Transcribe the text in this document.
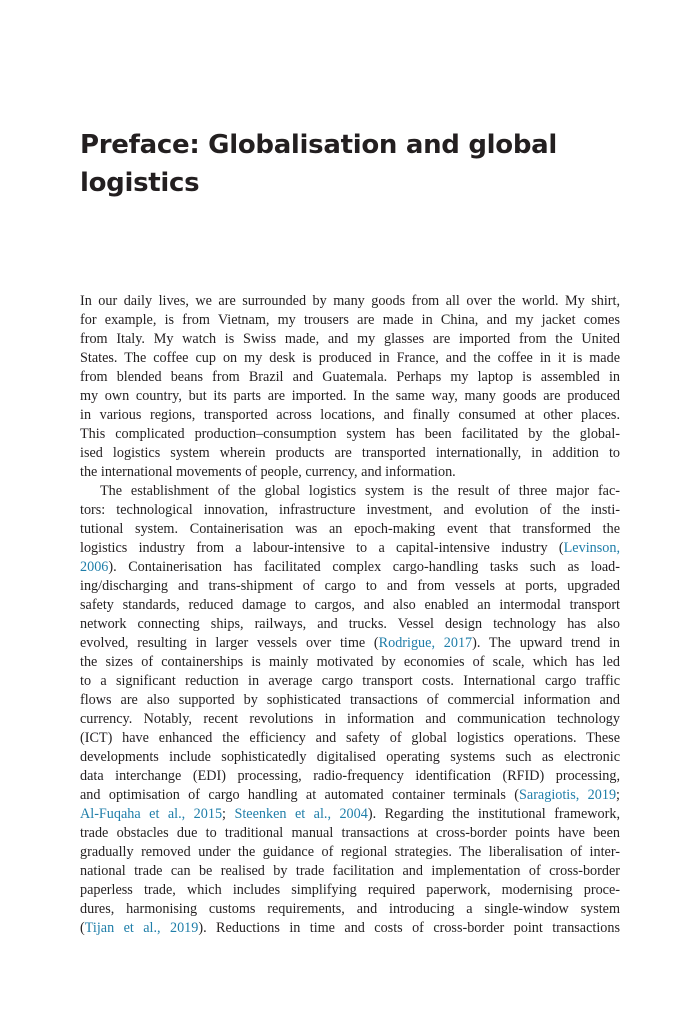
Preface: Globalisation and global
logistics

In our daily lives, we are surrounded by many goods from all over the world. My shirt,
for example, is from Vietnam, my trousers are made in China, and my jacket comes
from Italy. My watch is Swiss made, and my glasses are imported from the United
States. The coffee cup on my desk is produced in France, and the coffee in it is made
from blended beans from Brazil and Guatemala. Perhaps my laptop is assembled in
my own country, but its parts are imported. In the same way, many goods are produced
in various regions, transported across locations, and finally consumed at other places.
This complicated production–consumption system has been facilitated by the global-
ised logistics system wherein products are transported internationally, in addition to
the international movements of people, currency, and information.

The establishment of the global logistics system is the result of three major fac-
tors: technological innovation, infrastructure investment, and evolution of the insti-
tutional system. Containerisation was an epoch-making event that transformed the
logistics industry from a labour-intensive to a capital-intensive industry (Levinson,
2006). Containerisation has facilitated complex cargo-handling tasks such as load-
ing/discharging and trans-shipment of cargo to and from vessels at ports, upgraded
safety standards, reduced damage to cargos, and also enabled an intermodal transport
network connecting ships, railways, and trucks. Vessel design technology has also
evolved, resulting in larger vessels over time (Rodrigue, 2017). The upward trend in
the sizes of containerships is mainly motivated by economies of scale, which has led
to a significant reduction in average cargo transport costs. International cargo traffic
flows are also supported by sophisticated transactions of commercial information and
currency. Notably, recent revolutions in information and communication technology
(ICT) have enhanced the efficiency and safety of global logistics operations. These
developments include sophisticatedly digitalised operating systems such as electronic
data interchange (EDI) processing, radio-frequency identification (RFID) processing,
and optimisation of cargo handling at automated container terminals (Saragiotis, 2019;
Al-Fuqaha et al., 2015; Steenken et al., 2004). Regarding the institutional framework,
trade obstacles due to traditional manual transactions at cross-border points have been
gradually removed under the guidance of regional strategies. The liberalisation of inter-
national trade can be realised by trade facilitation and implementation of cross-border
paperless trade, which includes simplifying required paperwork, modernising proce-
dures, harmonising customs requirements, and introducing a single-window system
(Tijan et al., 2019). Reductions in time and costs of cross-border point transactions
